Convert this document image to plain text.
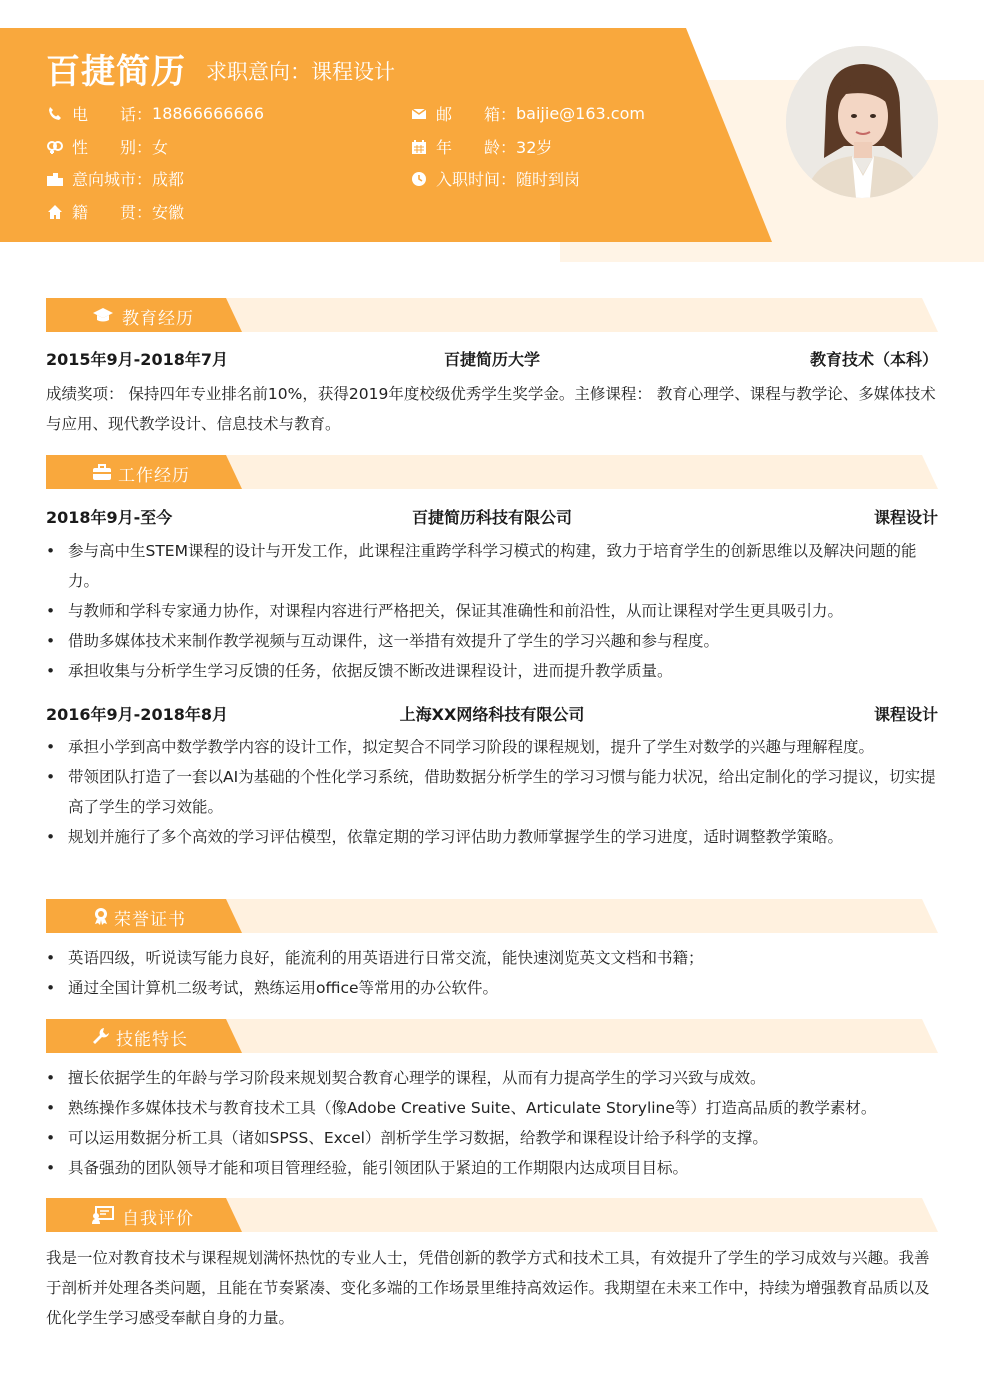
百捷简历 求职意向：课程设计
电　　话： 18866666666	邮　　箱： baijie@163.com
性　　别： 女	年　　龄： 32岁
意向城市： 成都	入职时间： 随时到岗
籍　　贯： 安徽
教育经历
2015年9月-2018年7月	百捷简历大学	教育技术（本科）
成绩奖项： 保持四年专业排名前10%，获得2019年度校级优秀学生奖学金。主修课程： 教育心理学、课程与教学论、多媒体技术与应用、现代教学设计、信息技术与教育。
工作经历
2018年9月-至今	百捷简历科技有限公司	课程设计
• 参与高中生STEM课程的设计与开发工作，此课程注重跨学科学习模式的构建，致力于培育学生的创新思维以及解决问题的能力。
• 与教师和学科专家通力协作，对课程内容进行严格把关，保证其准确性和前沿性，从而让课程对学生更具吸引力。
• 借助多媒体技术来制作教学视频与互动课件，这一举措有效提升了学生的学习兴趣和参与程度。
• 承担收集与分析学生学习反馈的任务，依据反馈不断改进课程设计，进而提升教学质量。
2016年9月-2018年8月	上海XX网络科技有限公司	课程设计
• 承担小学到高中数学教学内容的设计工作，拟定契合不同学习阶段的课程规划，提升了学生对数学的兴趣与理解程度。
• 带领团队打造了一套以AI为基础的个性化学习系统，借助数据分析学生的学习习惯与能力状况，给出定制化的学习提议，切实提高了学生的学习效能。
• 规划并施行了多个高效的学习评估模型，依靠定期的学习评估助力教师掌握学生的学习进度，适时调整教学策略。
荣誉证书
• 英语四级，听说读写能力良好，能流利的用英语进行日常交流，能快速浏览英文文档和书籍；
• 通过全国计算机二级考试，熟练运用office等常用的办公软件。
技能特长
• 擅长依据学生的年龄与学习阶段来规划契合教育心理学的课程，从而有力提高学生的学习兴致与成效。
• 熟练操作多媒体技术与教育技术工具（像Adobe Creative Suite、Articulate Storyline等）打造高品质的教学素材。
• 可以运用数据分析工具（诸如SPSS、Excel）剖析学生学习数据，给教学和课程设计给予科学的支撑。
• 具备强劲的团队领导才能和项目管理经验，能引领团队于紧迫的工作期限内达成项目目标。
自我评价
我是一位对教育技术与课程规划满怀热忱的专业人士，凭借创新的教学方式和技术工具，有效提升了学生的学习成效与兴趣。我善于剖析并处理各类问题，且能在节奏紧凑、变化多端的工作场景里维持高效运作。我期望在未来工作中，持续为增强教育品质以及优化学生学习感受奉献自身的力量。
